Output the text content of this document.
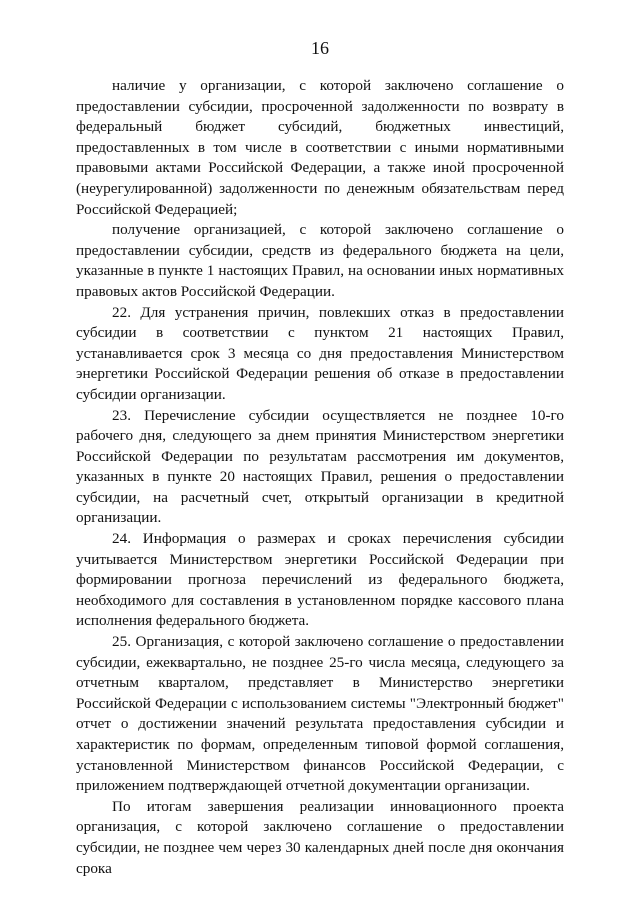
16

наличие у организации, с которой заключено соглашение о предоставлении субсидии, просроченной задолженности по возврату в федеральный бюджет субсидий, бюджетных инвестиций, предоставленных в том числе в соответствии с иными нормативными правовыми актами Российской Федерации, а также иной просроченной (неурегулированной) задолженности по денежным обязательствам перед Российской Федерацией;

получение организацией, с которой заключено соглашение о предоставлении субсидии, средств из федерального бюджета на цели, указанные в пункте 1 настоящих Правил, на основании иных нормативных правовых актов Российской Федерации.

22. Для устранения причин, повлекших отказ в предоставлении субсидии в соответствии с пунктом 21 настоящих Правил, устанавливается срок 3 месяца со дня предоставления Министерством энергетики Российской Федерации решения об отказе в предоставлении субсидии организации.

23. Перечисление субсидии осуществляется не позднее 10-го рабочего дня, следующего за днем принятия Министерством энергетики Российской Федерации по результатам рассмотрения им документов, указанных в пункте 20 настоящих Правил, решения о предоставлении субсидии, на расчетный счет, открытый организации в кредитной организации.

24. Информация о размерах и сроках перечисления субсидии учитывается Министерством энергетики Российской Федерации при формировании прогноза перечислений из федерального бюджета, необходимого для составления в установленном порядке кассового плана исполнения федерального бюджета.

25. Организация, с которой заключено соглашение о предоставлении субсидии, ежеквартально, не позднее 25-го числа месяца, следующего за отчетным кварталом, представляет в Министерство энергетики Российской Федерации с использованием системы "Электронный бюджет" отчет о достижении значений результата предоставления субсидии и характеристик по формам, определенным типовой формой соглашения, установленной Министерством финансов Российской Федерации, с приложением подтверждающей отчетной документации организации.

По итогам завершения реализации инновационного проекта организация, с которой заключено соглашение о предоставлении субсидии, не позднее чем через 30 календарных дней после дня окончания срока
